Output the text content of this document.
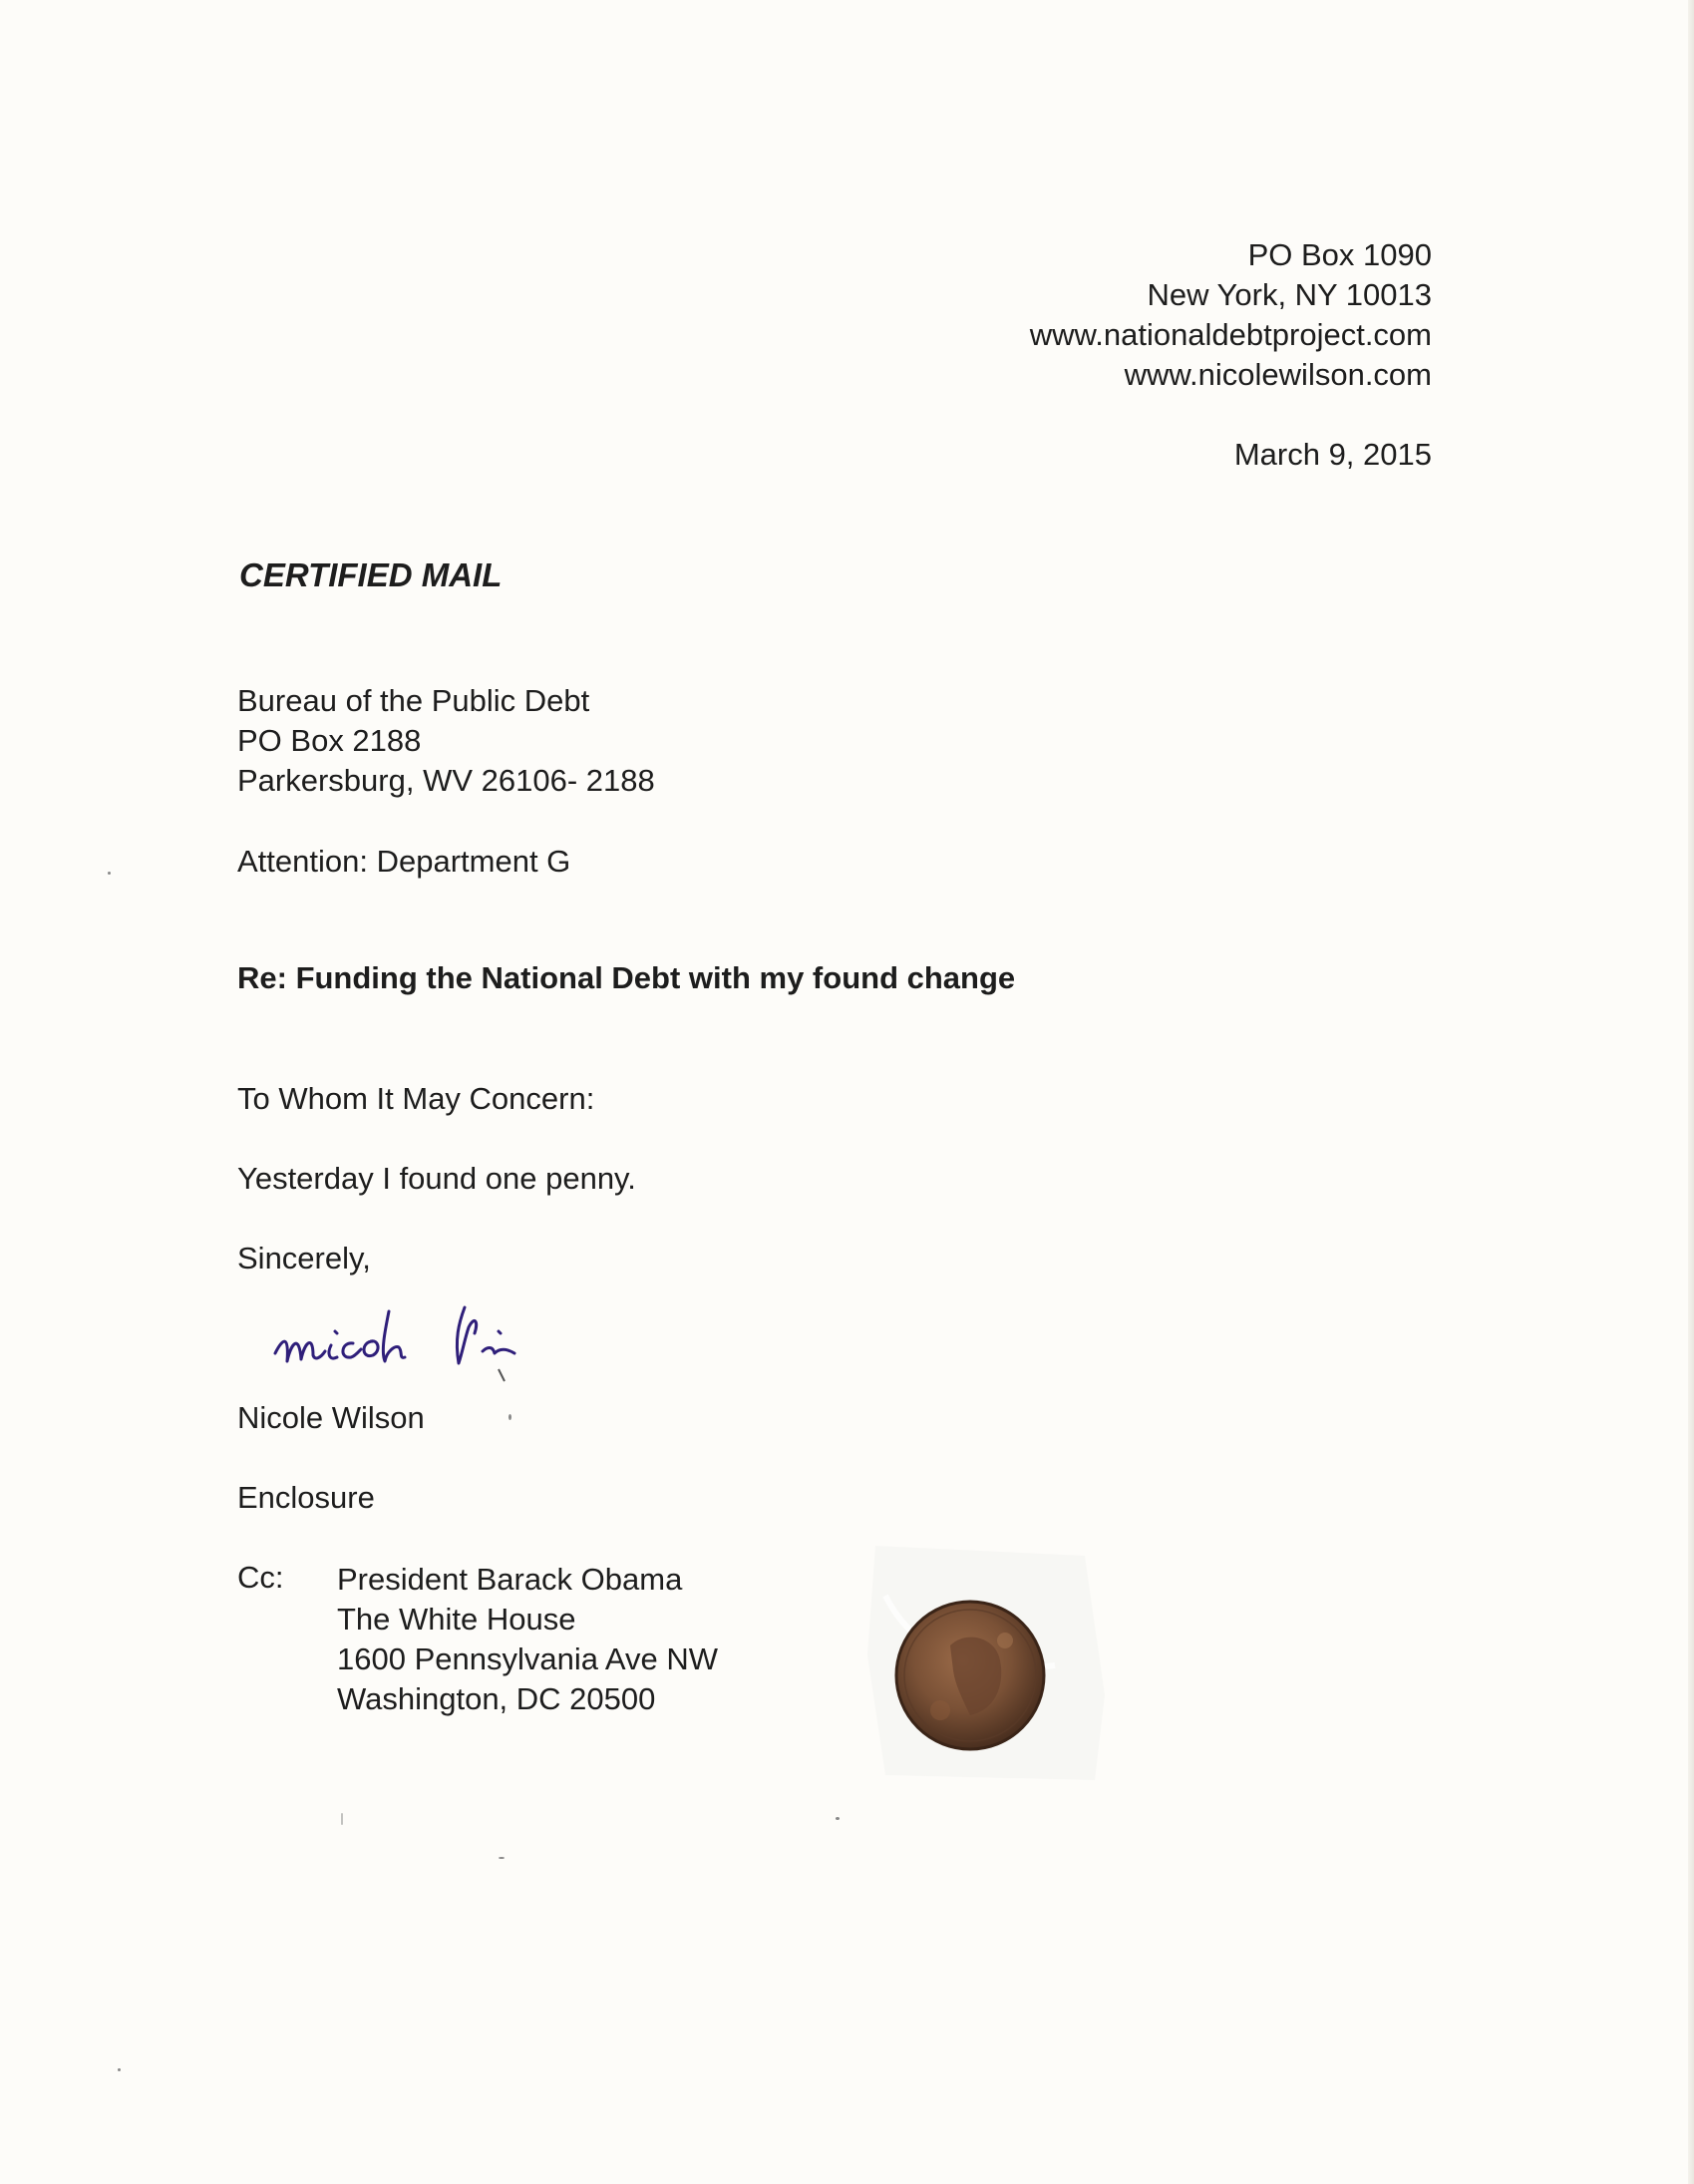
PO Box 1090
New York, NY 10013
www.nationaldebtproject.com
www.nicolewilson.com
March 9, 2015
CERTIFIED MAIL
Bureau of the Public Debt
PO Box 2188
Parkersburg, WV 26106- 2188
Attention: Department G
Re: Funding the National Debt with my found change
To Whom It May Concern:
Yesterday I found one penny.
Sincerely,
Nicole Wilson
Enclosure
Cc: President Barack Obama
The White House
1600 Pennsylvania Ave NW
Washington, DC 20500
